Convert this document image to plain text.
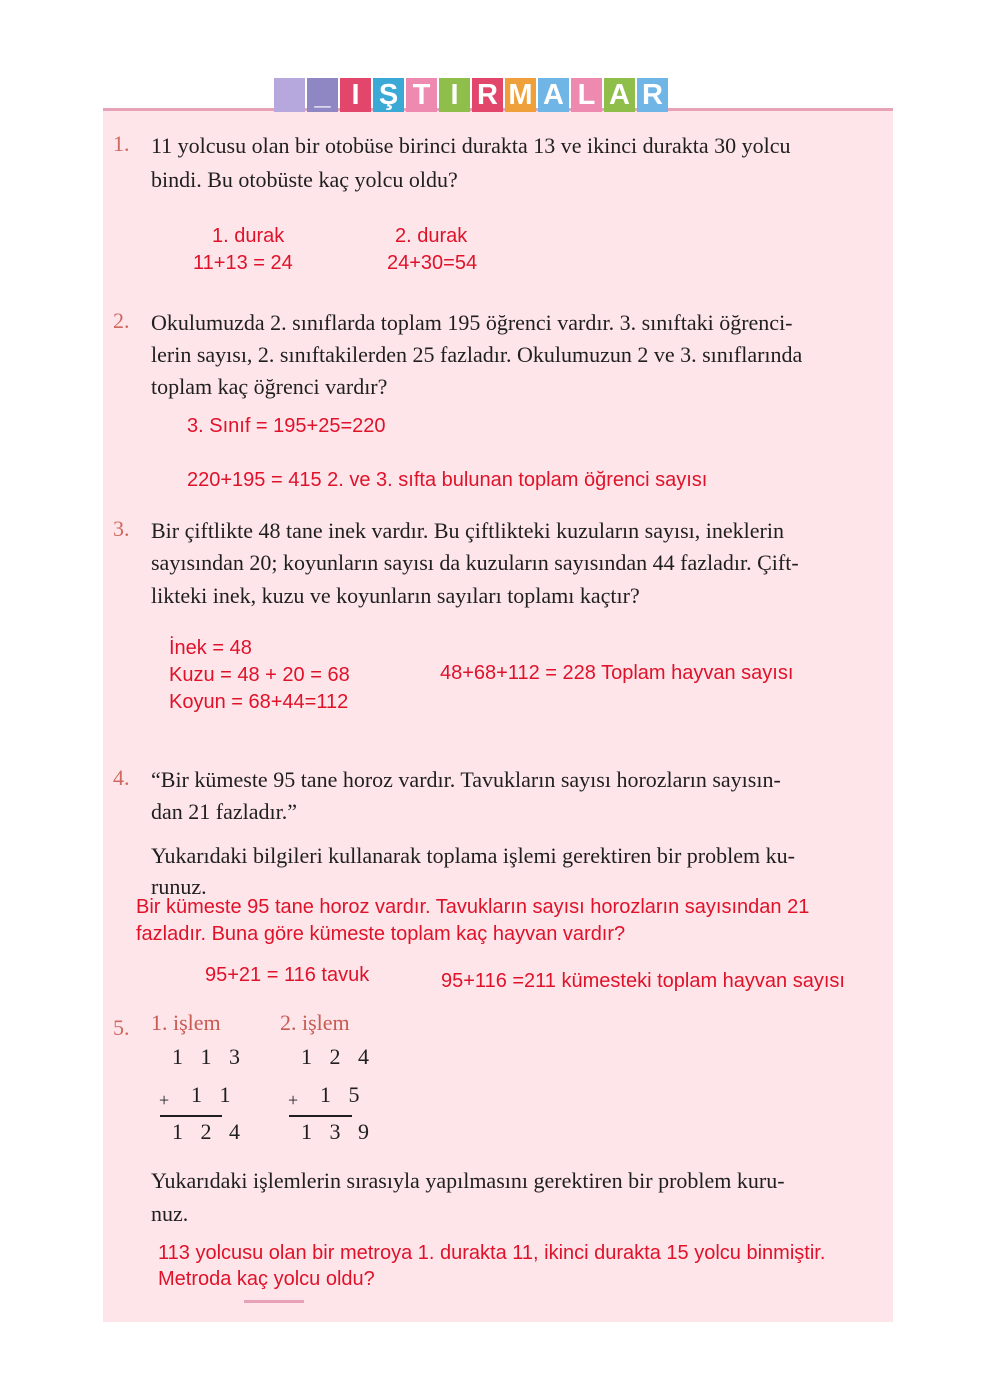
_ I Ş T I R M A L A R
1. 11 yolcusu olan bir otobüse birinci durakta 13 ve ikinci durakta 30 yolcu
bindi. Bu otobüste kaç yolcu oldu?
1. durak
11+13 = 24
2. durak
24+30=54
2. Okulumuzda 2. sınıflarda toplam 195 öğrenci vardır. 3. sınıftaki öğrenci-
lerin sayısı, 2. sınıftakilerden 25 fazladır. Okulumuzun 2 ve 3. sınıflarında
toplam kaç öğrenci vardır?
3. Sınıf = 195+25=220
220+195 = 415 2. ve 3. sıfta bulunan toplam öğrenci sayısı
3. Bir çiftlikte 48 tane inek vardır. Bu çiftlikteki kuzuların sayısı, ineklerin
sayısından 20; koyunların sayısı da kuzuların sayısından 44 fazladır. Çift-
likteki inek, kuzu ve koyunların sayıları toplamı kaçtır?
İnek = 48
Kuzu = 48 + 20 = 68
Koyun = 68+44=112
48+68+112 = 228 Toplam hayvan sayısı
4. “Bir kümeste 95 tane horoz vardır. Tavukların sayısı horozların sayısın-
dan 21 fazladır.”
Yukarıdaki bilgileri kullanarak toplama işlemi gerektiren bir problem ku-
runuz.
Bir kümeste 95 tane horoz vardır. Tavukların sayısı horozların sayısından 21
fazladır. Buna göre kümeste toplam kaç hayvan vardır?
95+21 = 116 tavuk	95+116 =211 kümesteki toplam hayvan sayısı
5. 1. işlem
1 1 3
+ 1 1
1 2 4
2. işlem
1 2 4
+ 1 5
1 3 9
Yukarıdaki işlemlerin sırasıyla yapılmasını gerektiren bir problem kuru-
nuz.
113 yolcusu olan bir metroya 1. durakta 11, ikinci durakta 15 yolcu binmiştir.
Metroda kaç yolcu oldu?
